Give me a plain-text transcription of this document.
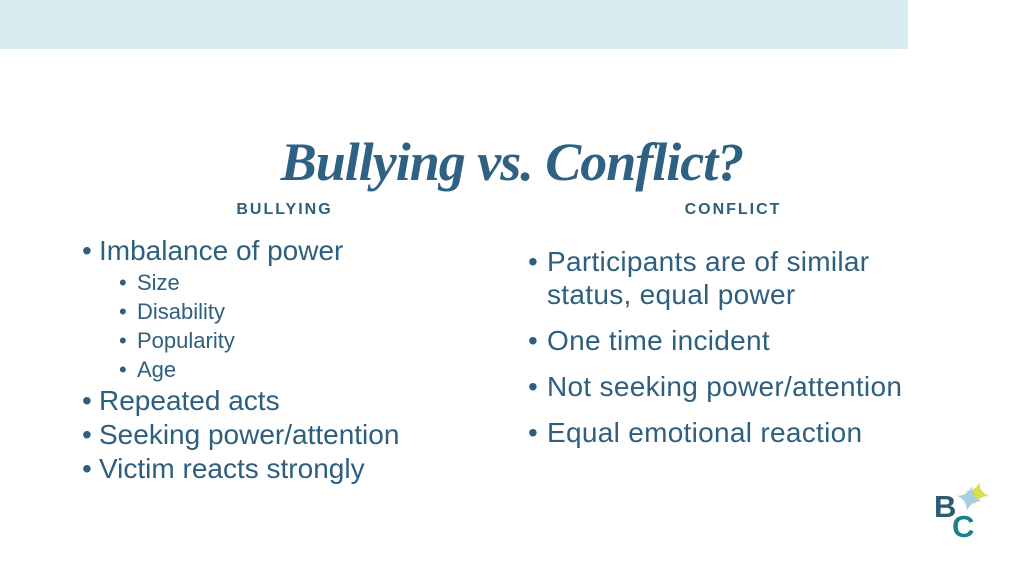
Bullying vs. Conflict?
BULLYING
• Imbalance of power
• Size
• Disability
• Popularity
• Age
• Repeated acts
• Seeking power/attention
• Victim reacts strongly
CONFLICT
• Participants are of similar status, equal power
• One time incident
• Not seeking power/attention
• Equal emotional reaction
B
C
